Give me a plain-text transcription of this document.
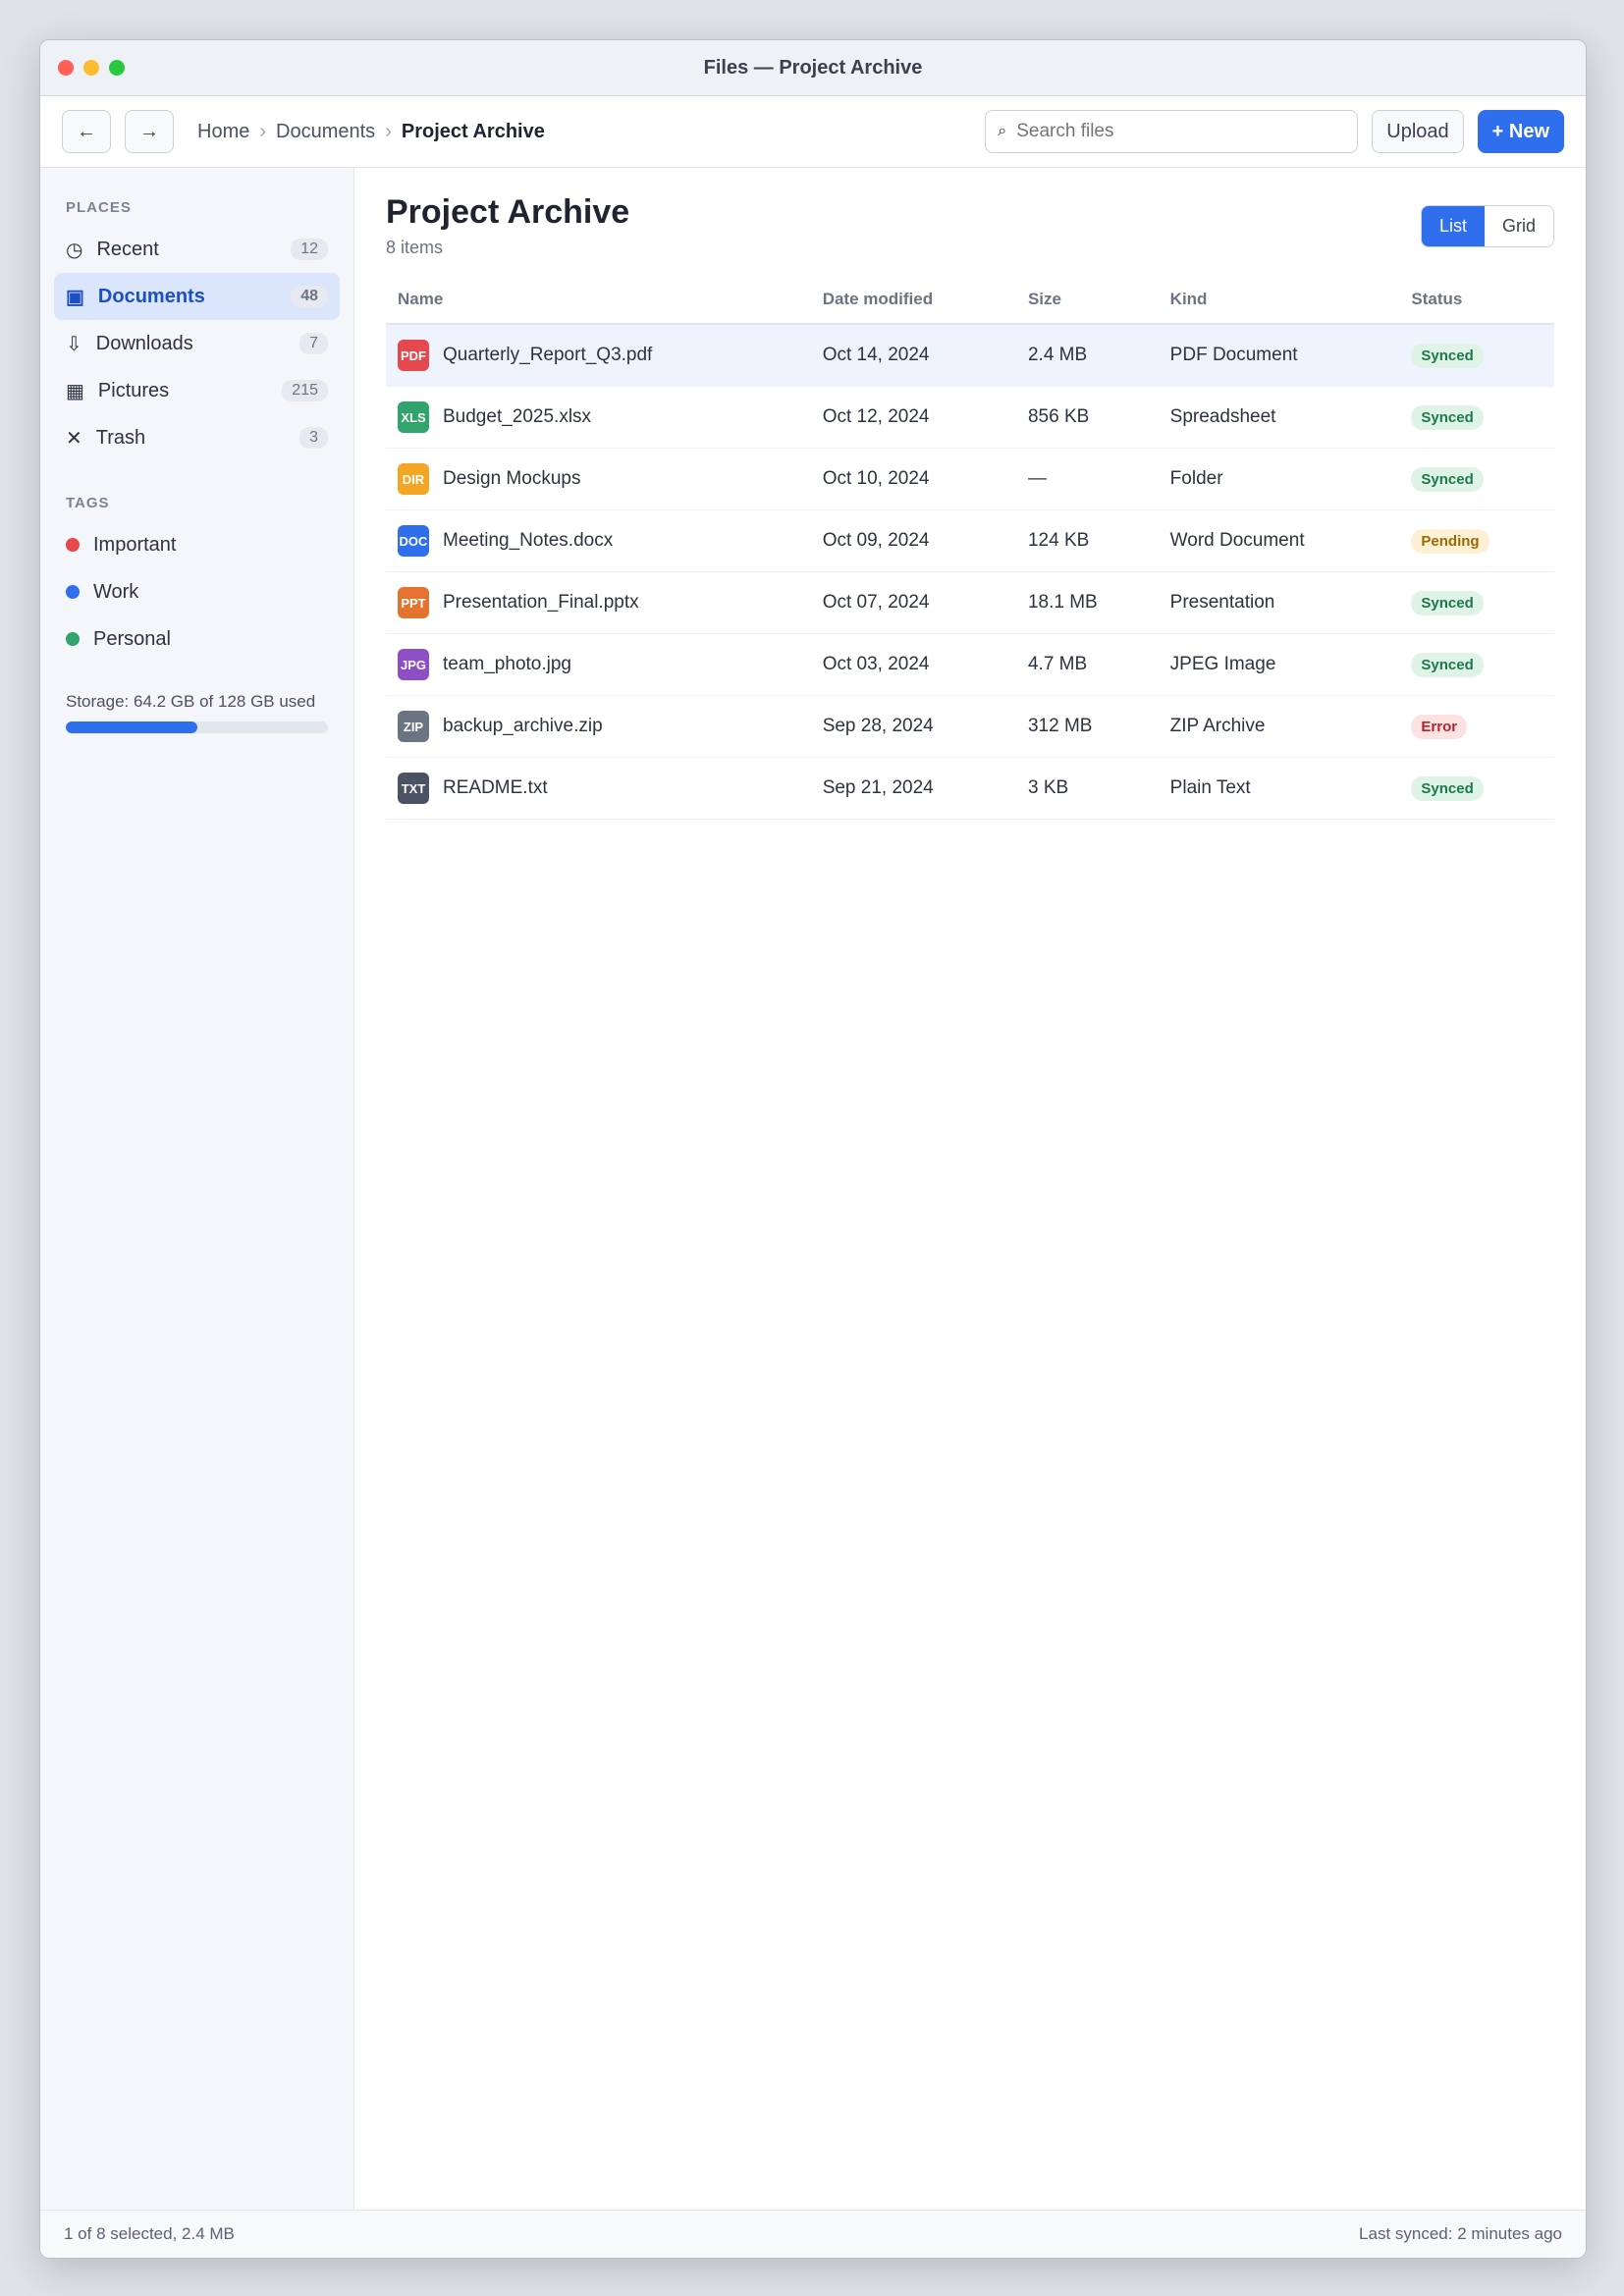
Files — Project Archive
← → Home › Documents › Project Archive	⌕
Search files	Upload	+ New
PLACES
◷ Recent	12
▣ Documents	48
⇩ Downloads	7
▦ Pictures	215
✕ Trash	3
TAGS
Important
Work
Personal
Storage: 64.2 GB of 128 GB used
Project Archive
8 items
List	Grid
Name	Date modified	Size	Kind	Status

PDF Quarterly_Report_Q3.pdf	Oct 14, 2024	2.4 MB	PDF Document	Synced

XLS Budget_2025.xlsx	Oct 12, 2024	856 KB	Spreadsheet	Synced

DIR Design Mockups	Oct 10, 2024	—	Folder	Synced

DOC Meeting_Notes.docx	Oct 09, 2024	124 KB	Word Document	Pending

PPT Presentation_Final.pptx	Oct 07, 2024	18.1 MB	Presentation	Synced

JPG team_photo.jpg	Oct 03, 2024	4.7 MB	JPEG Image	Synced

ZIP backup_archive.zip	Sep 28, 2024	312 MB	ZIP Archive	Error

TXT README.txt	Sep 21, 2024	3 KB	Plain Text	Synced
1 of 8 selected, 2.4 MB	Last synced: 2 minutes ago
